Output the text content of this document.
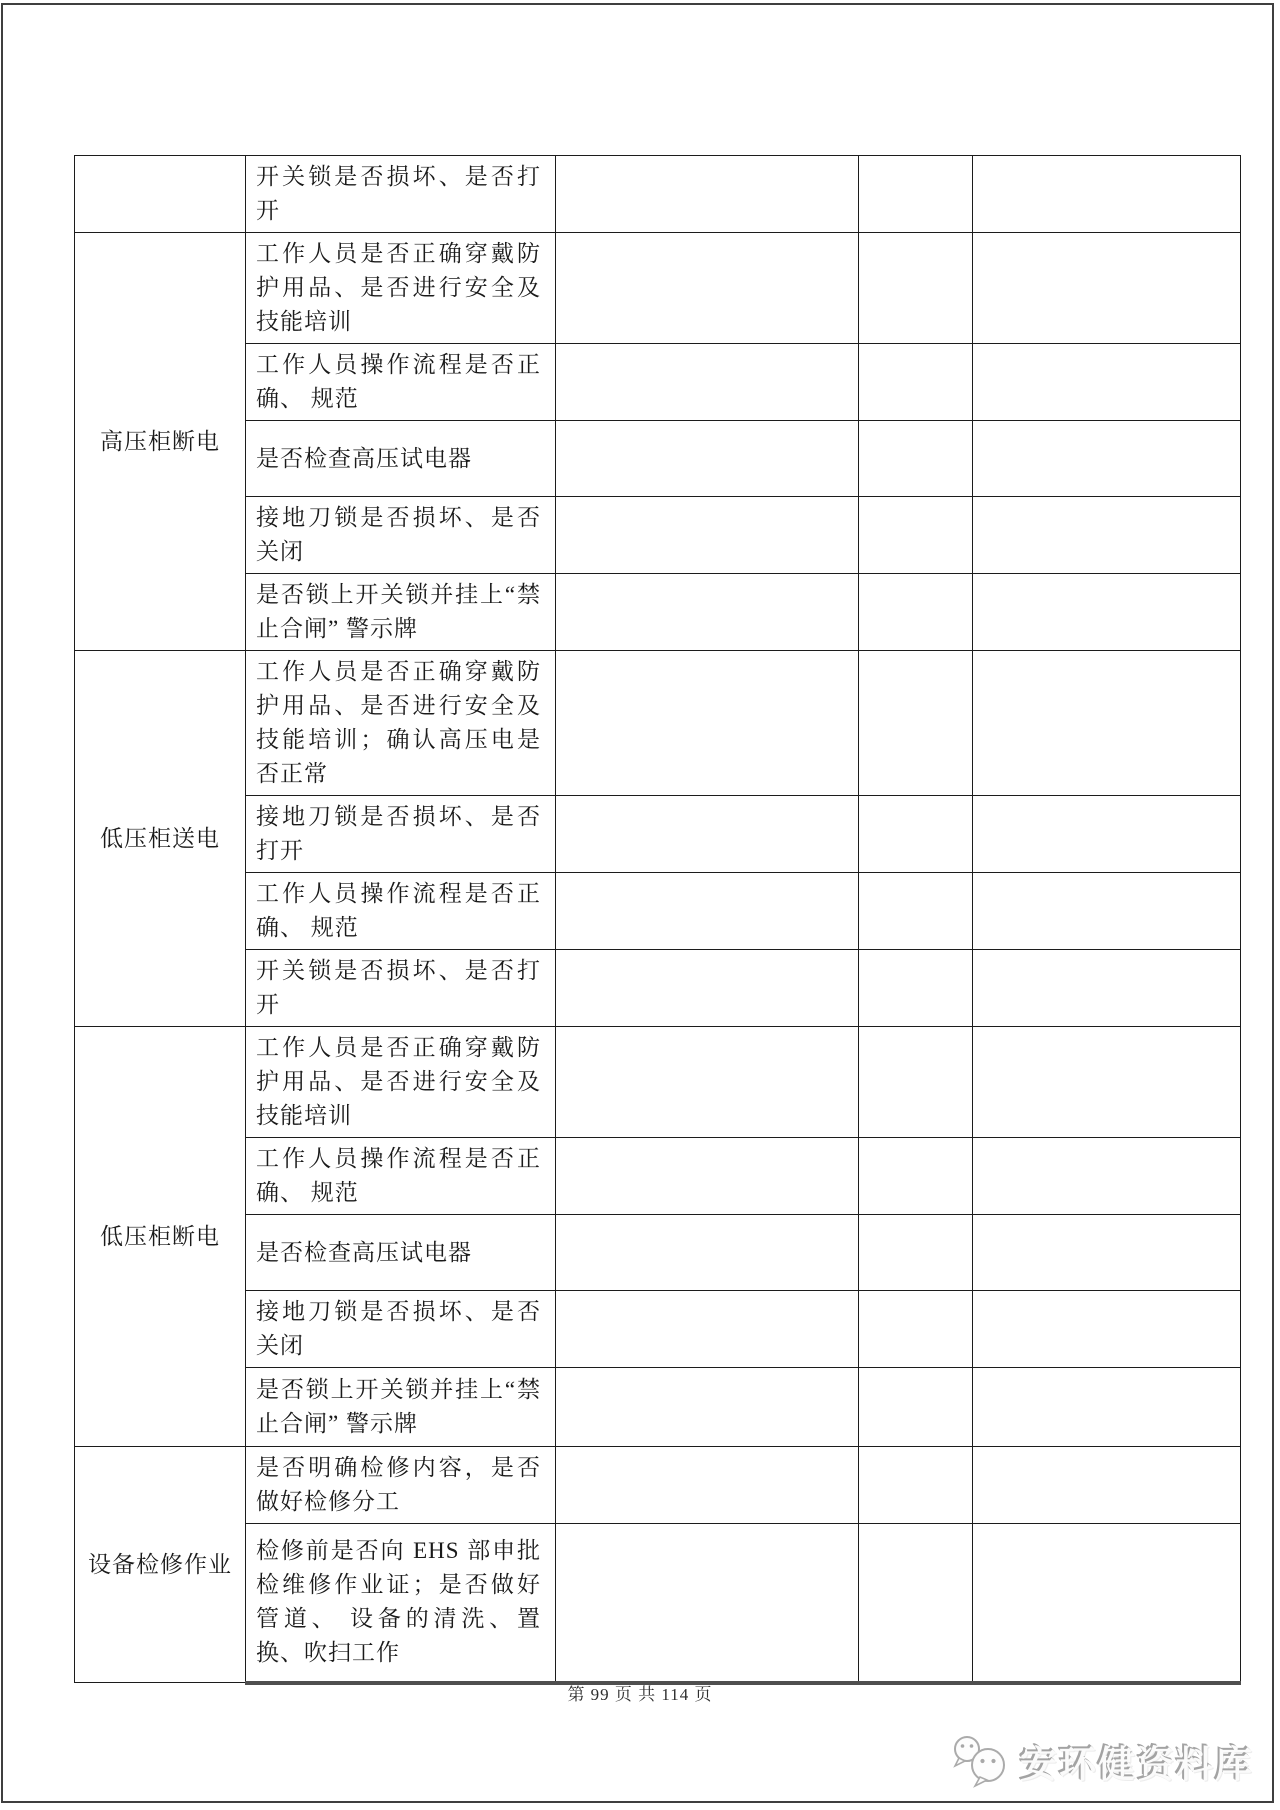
	开关锁是否损坏、是否打开			
高压柜断电	工作人员是否正确穿戴防护用品、是否进行安全及技能培训			
	工作人员操作流程是否正确、 规范			
	是否检查高压试电器			
	接地刀锁是否损坏、是否关闭			
	是否锁上开关锁并挂上“禁止合闸” 警示牌			
低压柜送电	工作人员是否正确穿戴防护用品、是否进行安全及技能培训；确认高压电是否正常			
	接地刀锁是否损坏、是否打开			
	工作人员操作流程是否正确、 规范			
	开关锁是否损坏、是否打开			
低压柜断电	工作人员是否正确穿戴防护用品、是否进行安全及技能培训			
	工作人员操作流程是否正确、 规范			
	是否检查高压试电器			
	接地刀锁是否损坏、是否关闭			
	是否锁上开关锁并挂上“禁止合闸” 警示牌			
设备检修作业	是否明确检修内容，是否做好检修分工			
	检修前是否向 EHS 部申批检维修作业证；是否做好管道、 设备的清洗、置换、吹扫工作			
第 99 页 共 114 页
安环健资料库
